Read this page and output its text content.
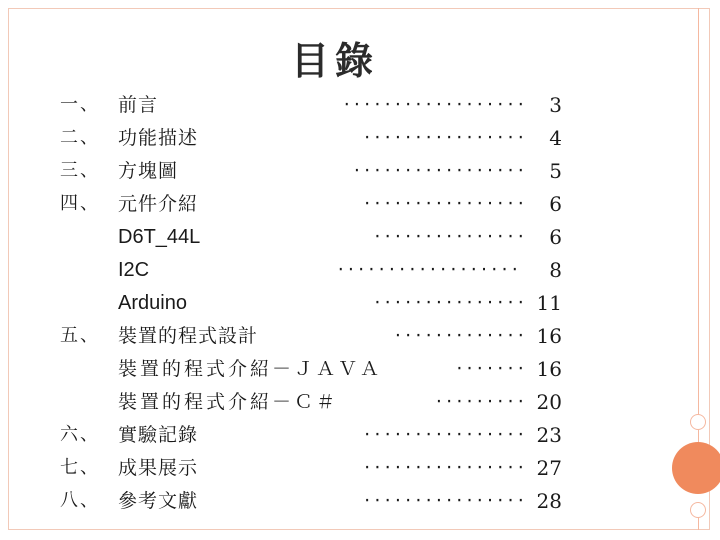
目錄
一、 前言	‧‧‧‧‧‧‧‧‧‧‧‧‧‧‧‧‧‧	3
二、 功能描述	‧‧‧‧‧‧‧‧‧‧‧‧‧‧‧‧	4
三、 方塊圖	‧‧‧‧‧‧‧‧‧‧‧‧‧‧‧‧‧	5
四、 元件介紹	‧‧‧‧‧‧‧‧‧‧‧‧‧‧‧‧	6
D6T_44L	‧‧‧‧‧‧‧‧‧‧‧‧‧‧‧	6
I2C	‧‧‧‧‧‧‧‧‧‧‧‧‧‧‧‧‧‧	8
Arduino	‧‧‧‧‧‧‧‧‧‧‧‧‧‧‧ 11
五、 裝置的程式設計	‧‧‧‧‧‧‧‧‧‧‧‧‧ 16
裝置的程式介紹－ＪＡＶＡ	‧‧‧‧‧‧‧ 16
裝置的程式介紹－Ｃ＃	‧‧‧‧‧‧‧‧‧ 20
六、 實驗記錄	‧‧‧‧‧‧‧‧‧‧‧‧‧‧‧‧ 23
七、 成果展示	‧‧‧‧‧‧‧‧‧‧‧‧‧‧‧‧ 27
八、 參考文獻	‧‧‧‧‧‧‧‧‧‧‧‧‧‧‧‧ 28
